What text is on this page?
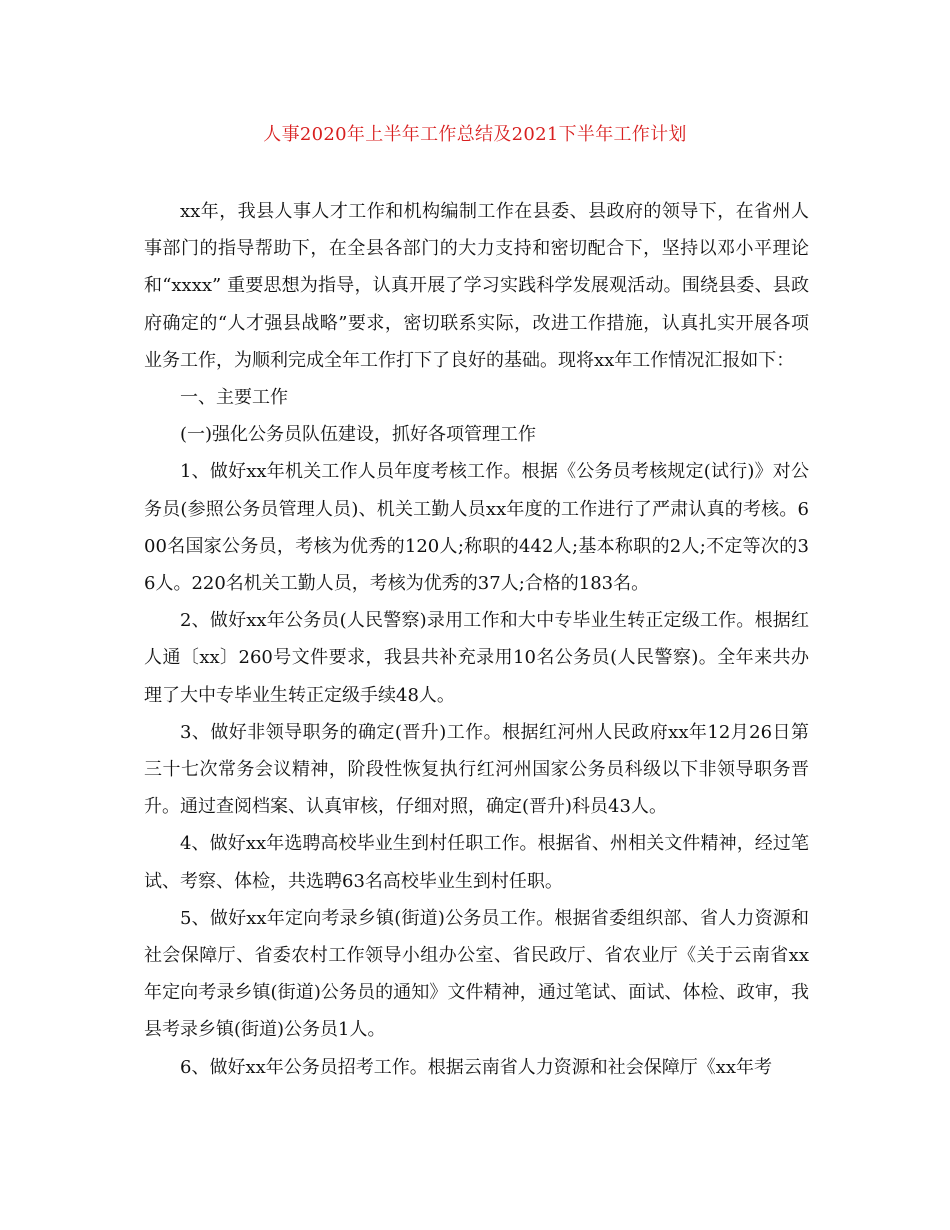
人事2020年上半年工作总结及2021下半年工作计划

xx年，我县人事人才工作和机构编制工作在县委、县政府的领导下，在省州人事部门的指导帮助下，在全县各部门的大力支持和密切配合下，坚持以邓小平理论和“xxxx” 重要思想为指导，认真开展了学习实践科学发展观活动。围绕县委、县政府确定的“人才强县战略”要求，密切联系实际，改进工作措施，认真扎实开展各项业务工作，为顺利完成全年工作打下了良好的基础。现将xx年工作情况汇报如下：

一、主要工作

(一)强化公务员队伍建设，抓好各项管理工作

1、做好xx年机关工作人员年度考核工作。根据《公务员考核规定(试行)》对公务员(参照公务员管理人员)、机关工勤人员xx年度的工作进行了严肃认真的考核。600名国家公务员，考核为优秀的120人;称职的442人;基本称职的2人;不定等次的36人。220名机关工勤人员，考核为优秀的37人;合格的183名。

2、做好xx年公务员(人民警察)录用工作和大中专毕业生转正定级工作。根据红人通〔xx〕260号文件要求，我县共补充录用10名公务员(人民警察)。全年来共办理了大中专毕业生转正定级手续48人。

3、做好非领导职务的确定(晋升)工作。根据红河州人民政府xx年12月26日第三十七次常务会议精神，阶段性恢复执行红河州国家公务员科级以下非领导职务晋升。通过查阅档案、认真审核，仔细对照，确定(晋升)科员43人。

4、做好xx年选聘高校毕业生到村任职工作。根据省、州相关文件精神，经过笔试、考察、体检，共选聘63名高校毕业生到村任职。

5、做好xx年定向考录乡镇(街道)公务员工作。根据省委组织部、省人力资源和社会保障厅、省委农村工作领导小组办公室、省民政厅、省农业厅《关于云南省xx年定向考录乡镇(街道)公务员的通知》文件精神，通过笔试、面试、体检、政审，我县考录乡镇(街道)公务员1人。

6、做好xx年公务员招考工作。根据云南省人力资源和社会保障厅《xx年考
